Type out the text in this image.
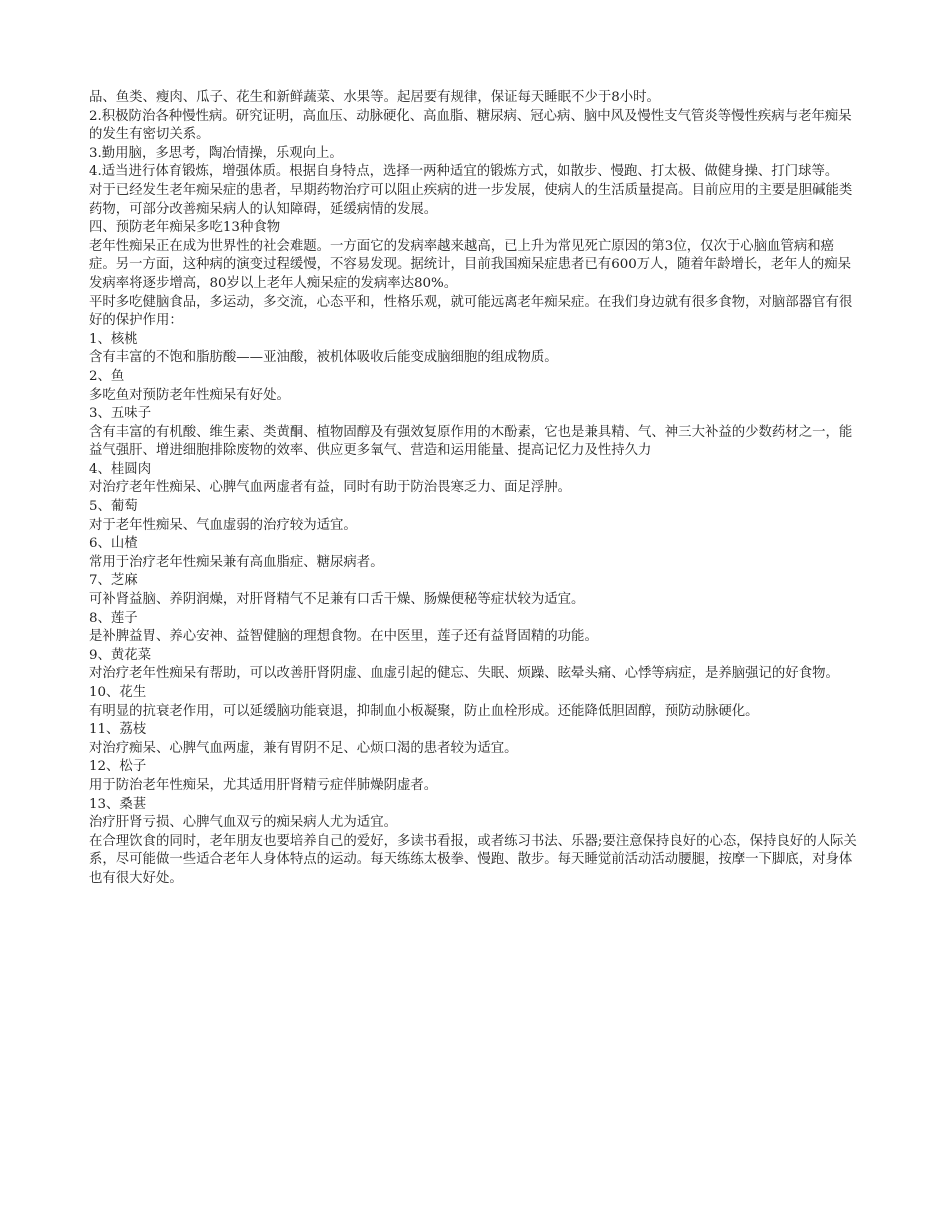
品、鱼类、瘦肉、瓜子、花生和新鲜蔬菜、水果等。起居要有规律，保证每天睡眠不少于8小时。

2.积极防治各种慢性病。研究证明，高血压、动脉硬化、高血脂、糖尿病、冠心病、脑中风及慢性支气管炎等慢性疾病与老年痴呆的发生有密切关系。

3.勤用脑，多思考，陶冶情操，乐观向上。

4.适当进行体育锻炼，增强体质。根据自身特点，选择一两种适宜的锻炼方式，如散步、慢跑、打太极、做健身操、打门球等。

对于已经发生老年痴呆症的患者，早期药物治疗可以阻止疾病的进一步发展，使病人的生活质量提高。目前应用的主要是胆碱能类药物，可部分改善痴呆病人的认知障碍，延缓病情的发展。

四、预防老年痴呆多吃13种食物

老年性痴呆正在成为世界性的社会难题。一方面它的发病率越来越高，已上升为常见死亡原因的第3位，仅次于心脑血管病和癌症。另一方面，这种病的演变过程缓慢，不容易发现。据统计，目前我国痴呆症患者已有600万人，随着年龄增长，老年人的痴呆发病率将逐步增高，80岁以上老年人痴呆症的发病率达80%。

平时多吃健脑食品，多运动，多交流，心态平和，性格乐观，就可能远离老年痴呆症。在我们身边就有很多食物，对脑部器官有很好的保护作用：

1、核桃

含有丰富的不饱和脂肪酸——亚油酸，被机体吸收后能变成脑细胞的组成物质。

2、鱼

多吃鱼对预防老年性痴呆有好处。

3、五味子

含有丰富的有机酸、维生素、类黄酮、植物固醇及有强效复原作用的木酚素，它也是兼具精、气、神三大补益的少数药材之一，能益气强肝、增进细胞排除废物的效率、供应更多氧气、营造和运用能量、提高记忆力及性持久力

4、桂圆肉

对治疗老年性痴呆、心脾气血两虚者有益，同时有助于防治畏寒乏力、面足浮肿。

5、葡萄

对于老年性痴呆、气血虚弱的治疗较为适宜。

6、山楂

常用于治疗老年性痴呆兼有高血脂症、糖尿病者。

7、芝麻

可补肾益脑、养阴润燥，对肝肾精气不足兼有口舌干燥、肠燥便秘等症状较为适宜。

8、莲子

是补脾益胃、养心安神、益智健脑的理想食物。在中医里，莲子还有益肾固精的功能。

9、黄花菜

对治疗老年性痴呆有帮助，可以改善肝肾阴虚、血虚引起的健忘、失眠、烦躁、眩晕头痛、心悸等病症，是养脑强记的好食物。

10、花生

有明显的抗衰老作用，可以延缓脑功能衰退，抑制血小板凝聚，防止血栓形成。还能降低胆固醇，预防动脉硬化。

11、荔枝

对治疗痴呆、心脾气血两虚，兼有胃阴不足、心烦口渴的患者较为适宜。

12、松子

用于防治老年性痴呆，尤其适用肝肾精亏症伴肺燥阴虚者。

13、桑葚

治疗肝肾亏损、心脾气血双亏的痴呆病人尤为适宜。

在合理饮食的同时，老年朋友也要培养自己的爱好，多读书看报，或者练习书法、乐器;要注意保持良好的心态，保持良好的人际关系，尽可能做一些适合老年人身体特点的运动。每天练练太极拳、慢跑、散步。每天睡觉前活动活动腰腿，按摩一下脚底，对身体也有很大好处。
